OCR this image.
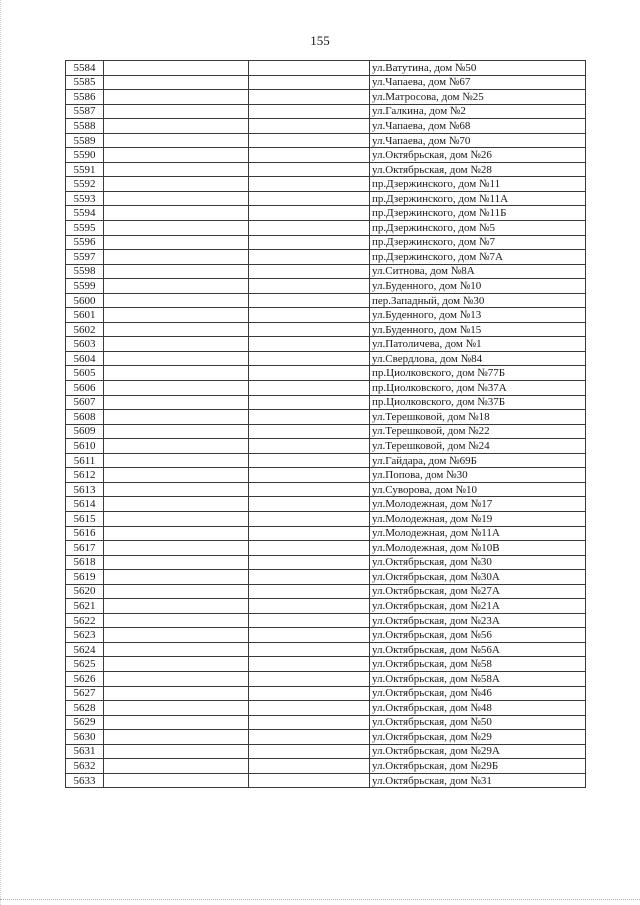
155
5584			ул.Ватутина, дом №50
5585			ул.Чапаева, дом №67
5586			ул.Матросова, дом №25
5587			ул.Галкина, дом №2
5588			ул.Чапаева, дом №68
5589			ул.Чапаева, дом №70
5590			ул.Октябрьская, дом №26
5591			ул.Октябрьская, дом №28
5592			пр.Дзержинского, дом №11
5593			пр.Дзержинского, дом №11А
5594			пр.Дзержинского, дом №11Б
5595			пр.Дзержинского, дом №5
5596			пр.Дзержинского, дом №7
5597			пр.Дзержинского, дом №7А
5598			ул.Ситнова, дом №8А
5599			ул.Буденного, дом №10
5600			пер.Западный, дом №30
5601			ул.Буденного, дом №13
5602			ул.Буденного, дом №15
5603			ул.Патоличева, дом №1
5604			ул.Свердлова, дом №84
5605			пр.Циолковского, дом №77Б
5606			пр.Циолковского, дом №37А
5607			пр.Циолковского, дом №37Б
5608			ул.Терешковой, дом №18
5609			ул.Терешковой, дом №22
5610			ул.Терешковой, дом №24
5611			ул.Гайдара, дом №69Б
5612			ул.Попова, дом №30
5613			ул.Суворова, дом №10
5614			ул.Молодежная, дом №17
5615			ул.Молодежная, дом №19
5616			ул.Молодежная, дом №11А
5617			ул.Молодежная, дом №10В
5618			ул.Октябрьская, дом №30
5619			ул.Октябрьская, дом №30А
5620			ул.Октябрьская, дом №27А
5621			ул.Октябрьская, дом №21А
5622			ул.Октябрьская, дом №23А
5623			ул.Октябрьская, дом №56
5624			ул.Октябрьская, дом №56А
5625			ул.Октябрьская, дом №58
5626			ул.Октябрьская, дом №58А
5627			ул.Октябрьская, дом №46
5628			ул.Октябрьская, дом №48
5629			ул.Октябрьская, дом №50
5630			ул.Октябрьская, дом №29
5631			ул.Октябрьская, дом №29А
5632			ул.Октябрьская, дом №29Б
5633			ул.Октябрьская, дом №31
